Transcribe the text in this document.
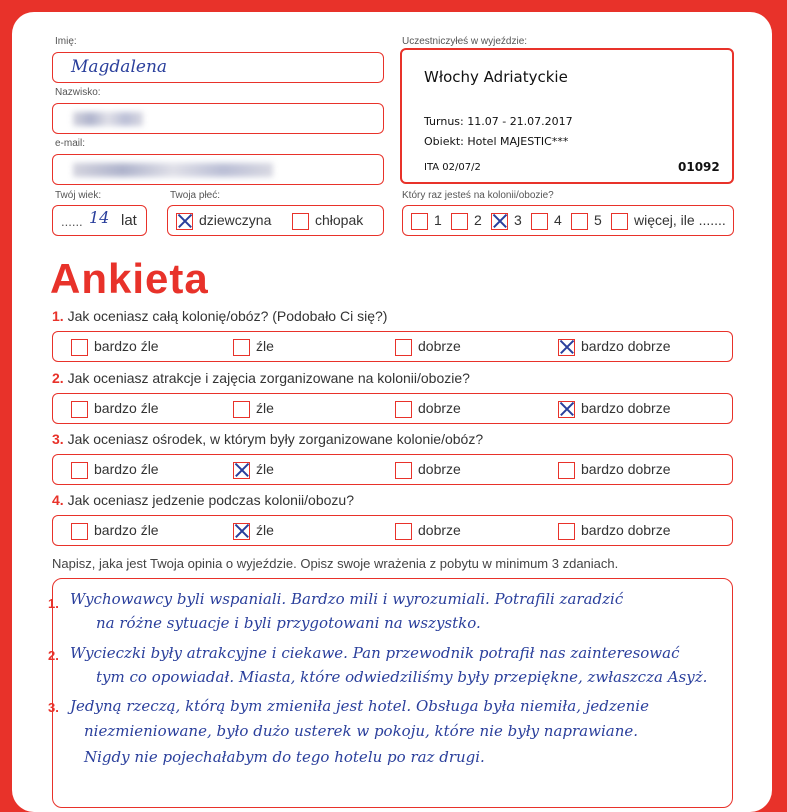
Imię:
Magdalena
Nazwisko:
e-mail:
Twój wiek:
...... 14 lat
Twoja płeć:
dziewczyna	chłopak
Uczestniczyłeś w wyjeździe:
Włochy Adriatyckie
Turnus: 11.07 - 21.07.2017
Obiekt: Hotel MAJESTIC***
ITA 02/07/2	01092
Który raz jesteś na kolonii/obozie?
1	2	3	4	5	więcej, ile .......
Ankieta
1. Jak oceniasz całą kolonię/obóz? (Podobało Ci się?)
bardzo źle	źle	dobrze	bardzo dobrze
2. Jak oceniasz atrakcje i zajęcia zorganizowane na kolonii/obozie?
bardzo źle	źle	dobrze	bardzo dobrze
3. Jak oceniasz ośrodek, w którym były zorganizowane kolonie/obóz?
bardzo źle	źle	dobrze	bardzo dobrze
4. Jak oceniasz jedzenie podczas kolonii/obozu?
bardzo źle	źle	dobrze	bardzo dobrze
Napisz, jaka jest Twoja opinia o wyjeździe. Opisz swoje wrażenia z pobytu w minimum 3 zdaniach.
1.
2.
3.
Wychowawcy byli wspaniali. Bardzo mili i wyrozumiali. Potrafili zaradzić
na różne sytuacje i byli przygotowani na wszystko.
Wycieczki były atrakcyjne i ciekawe. Pan przewodnik potrafił nas zainteresować
tym co opowiadał. Miasta, które odwiedziliśmy były przepiękne, zwłaszcza Asyż.
Jedyną rzeczą, którą bym zmieniła jest hotel. Obsługa była niemiła, jedzenie
niezmieniowane, było dużo usterek w pokoju, które nie były naprawiane.
Nigdy nie pojechałabym do tego hotelu po raz drugi.
